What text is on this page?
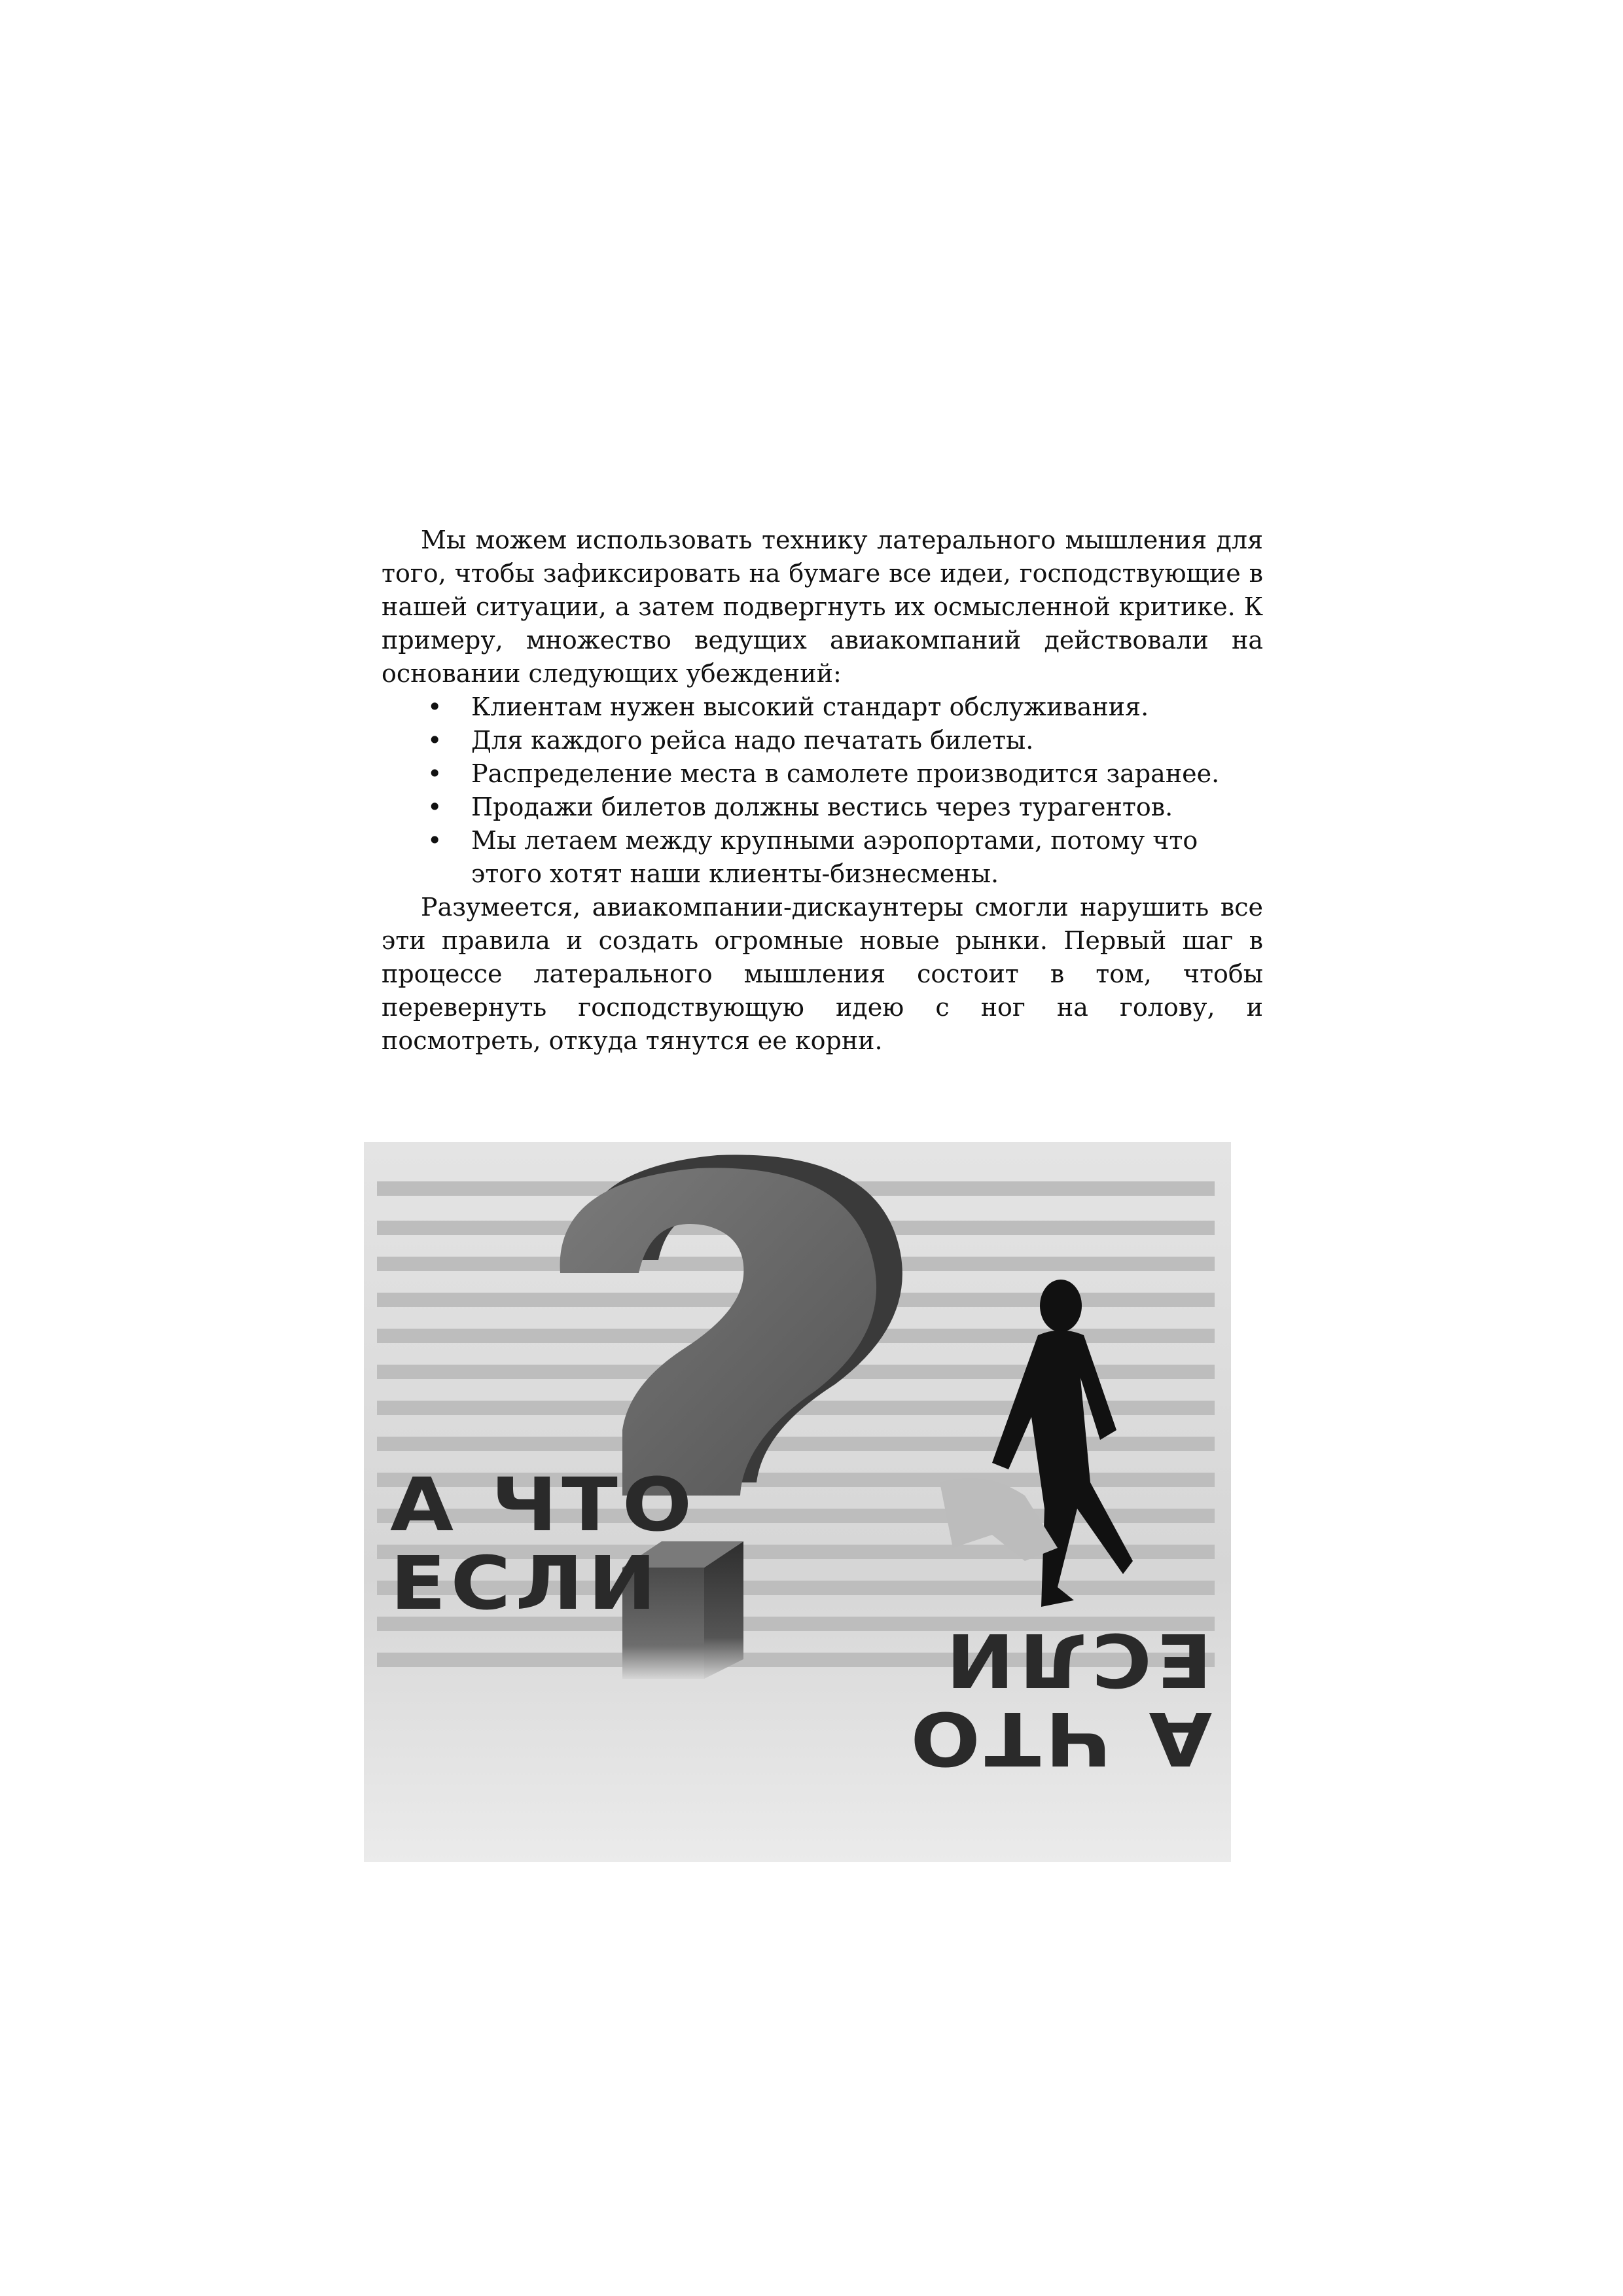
Мы можем использовать технику латерального мышления для того, чтобы зафиксировать на бумаге все идеи, господствующие в нашей ситуации, а затем подвергнуть их осмысленной критике. К примеру, множество ведущих авиакомпаний действовали на основании следующих убеждений:

• Клиентам нужен высокий стандарт обслуживания.
• Для каждого рейса надо печатать билеты.
• Распределение места в самолете производится заранее.
• Продажи билетов должны вестись через турагентов.
• Мы летаем между крупными аэропортами, потому что этого хотят наши клиенты-бизнесмены.

Разумеется, авиакомпании-дискаунтеры смогли нарушить все эти правила и создать огромные новые рынки. Первый шаг в процессе латерального мышления состоит в том, чтобы перевернуть господствующую идею с ног на голову, и посмотреть, откуда тянутся ее корни.

А ЧТО
ЕСЛИ
А ЧТО
ЕСЛИ
